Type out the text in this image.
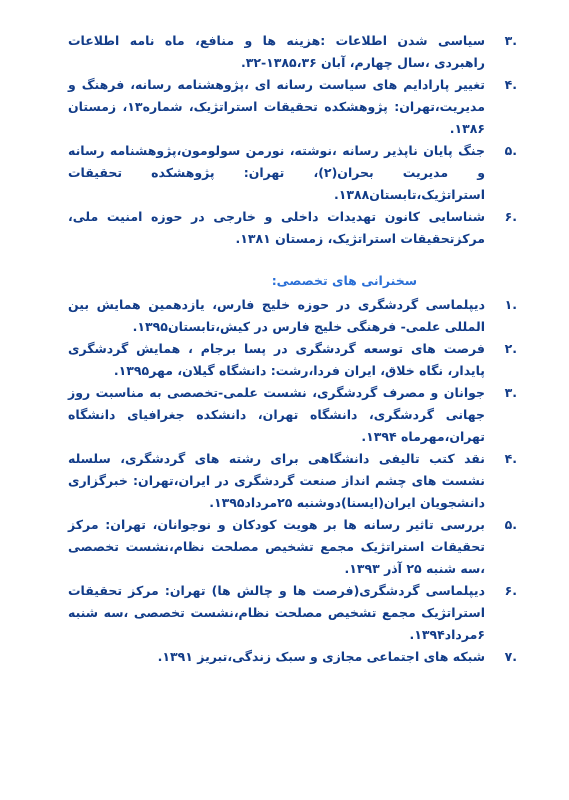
۳.
سیاسی شدن اطلاعات :هزینه ها و منافع، ماه نامه اطلاعات راهبردی ،سال چهارم، آبان ۱۳۸۵،۳۶-۳۲.
۴.
تغییر پارادایم های سیاست رسانه ای ،پژوهشنامه رسانه، فرهنگ و مدیریت،تهران: پژوهشکده تحقیقات استراتژیک، شماره۱۳، زمستان ۱۳۸۶.
۵.
جنگ پایان ناپذیر رسانه ،نوشته، نورمن سولومون،پژوهشنامه رسانه و مدیریت بحران(۲)، تهران: پژوهشکده تحقیقات استراتژیک،تابستان۱۳۸۸.
۶.
شناسایی کانون تهدیدات داخلی و خارجی در حوزه امنیت ملی، مرکزتحقیقات استراتژیک، زمستان ۱۳۸۱.
سخنرانی های تخصصی:
۱.
دیپلماسی گردشگری در حوزه خلیج فارس، یازدهمین همایش بین المللی علمی- فرهنگی خلیج فارس در کیش،تابستان۱۳۹۵.
۲.
فرصت های توسعه گردشگری در پسا برجام ، همایش گردشگری پایدار، نگاه خلاق، ایران فردا،رشت: دانشگاه گیلان، مهر۱۳۹۵.
۳.
جوانان و مصرف گردشگری، نشست علمی-تخصصی به مناسبت روز جهانی گردشگری، دانشگاه تهران، دانشکده جغرافیای دانشگاه تهران،مهرماه ۱۳۹۴.
۴.
نقد کتب تالیفی دانشگاهی برای رشته های گردشگری، سلسله نشست های چشم انداز صنعت گردشگری در ایران،تهران: خبرگزاری دانشجویان ایران(ایسنا)دوشنبه ۲۵مرداد۱۳۹۵.
۵.
بررسی تاثیر رسانه ها بر هویت کودکان و نوجوانان، تهران: مرکز تحقیقات استراتژیک مجمع تشخیص مصلحت نظام،نشست تخصصی ،سه شنبه ۲۵ آذر ۱۳۹۳.
۶.
دیپلماسی گردشگری(فرصت ها و چالش ها) تهران: مرکز تحقیقات استراتژیک مجمع تشخیص مصلحت نظام،نشست تخصصی ،سه شنبه ۶مرداد۱۳۹۴.
۷.
شبکه های اجتماعی مجازی و سبک زندگی،تبریز ۱۳۹۱.
